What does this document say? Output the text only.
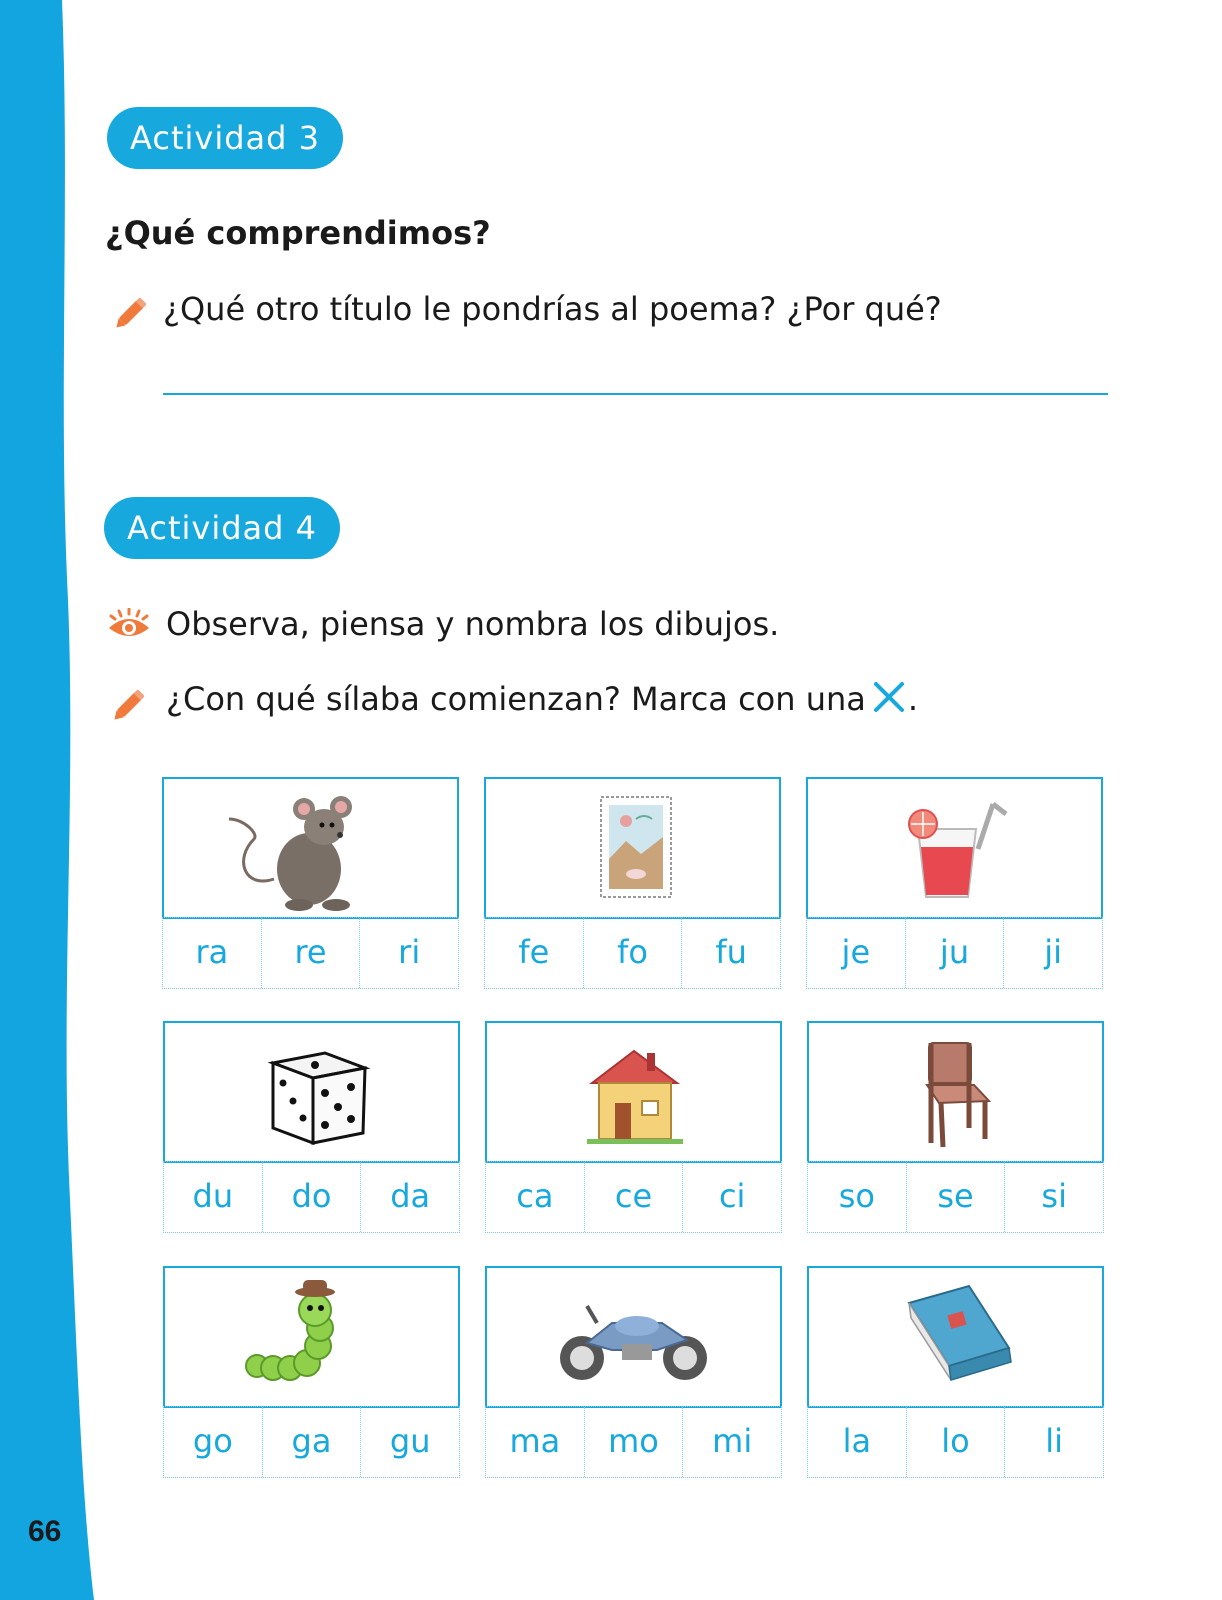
66
Actividad 3
¿Qué comprendimos?
¿Qué otro título le pondrías al poema? ¿Por qué?
Actividad 4
Observa, piensa y nombra los dibujos.
¿Con qué sílaba comienzan? Marca con una .
ra	re	ri	fe	fo	fu	je	ju	ji
du	do	da	ca	ce	ci	so	se	si
go	ga	gu	ma	mo	mi	la	lo	li
